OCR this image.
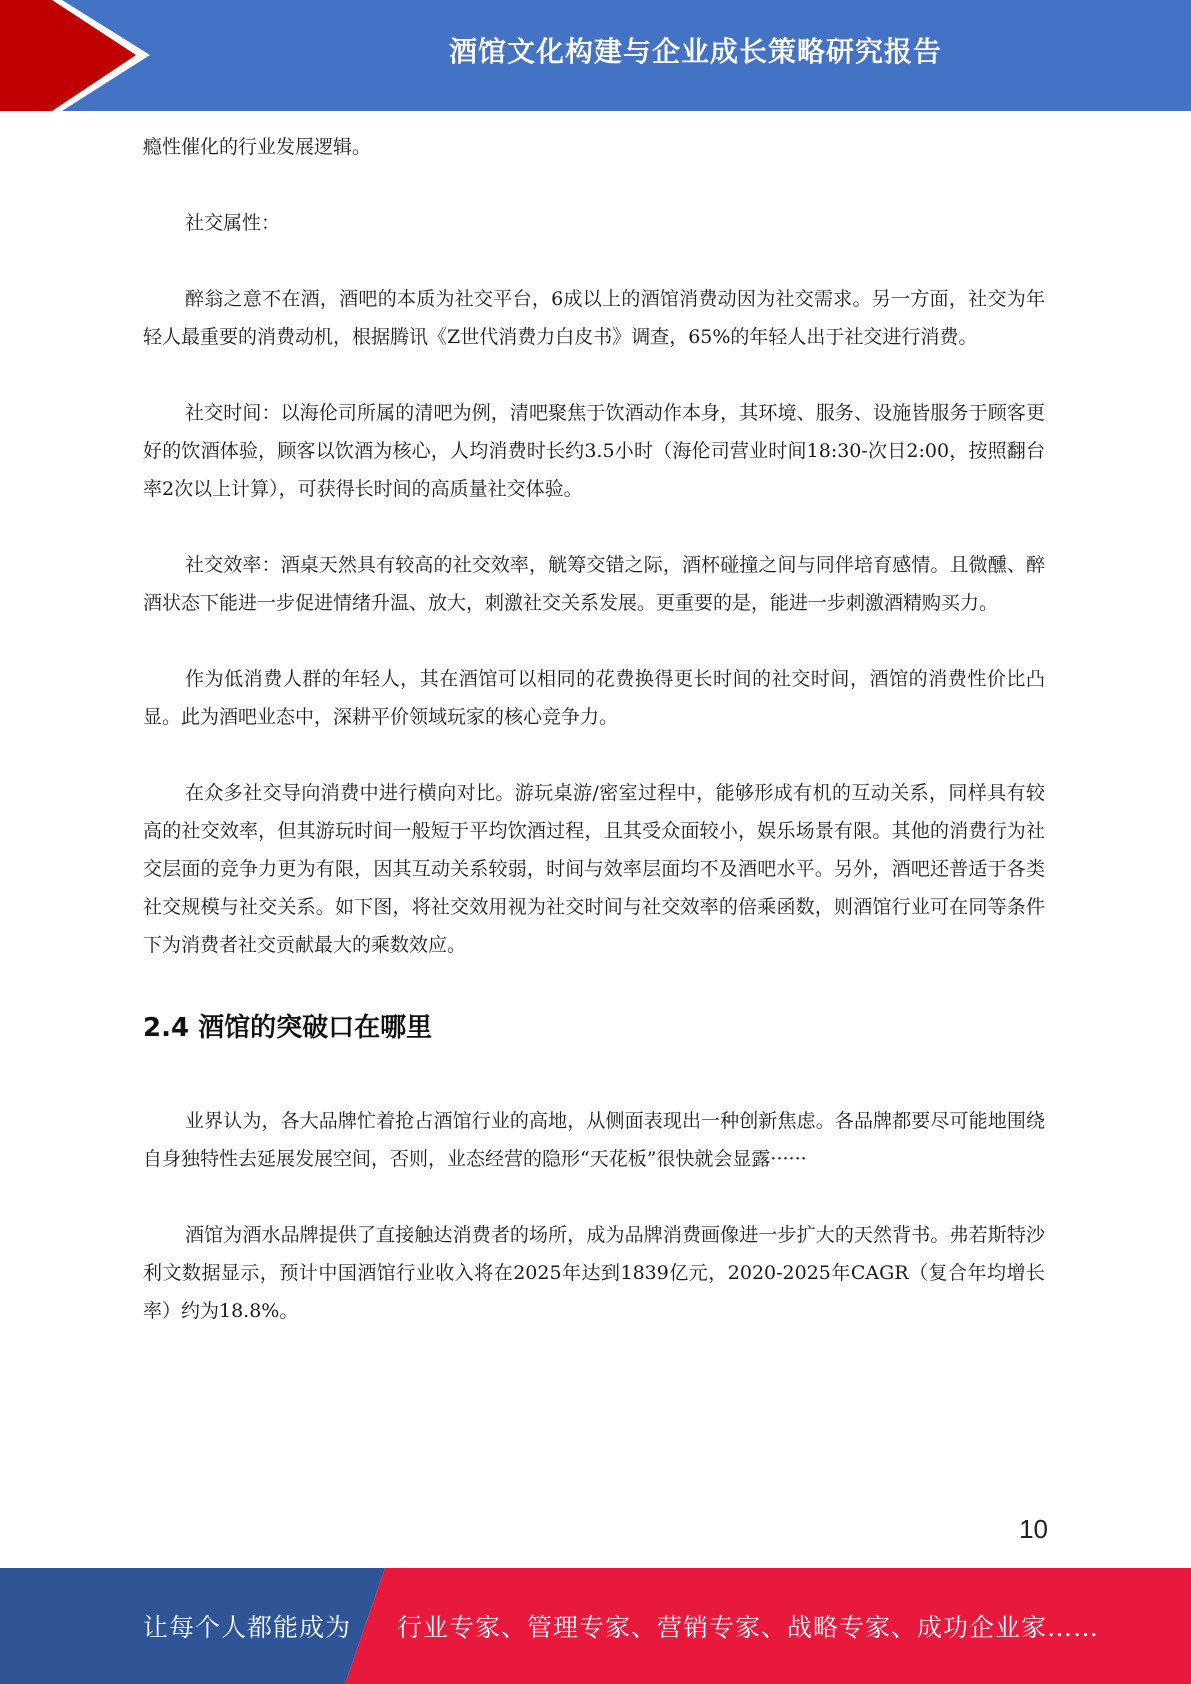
酒馆文化构建与企业成长策略研究报告

瘾性催化的行业发展逻辑。

社交属性：

醉翁之意不在酒，酒吧的本质为社交平台，6成以上的酒馆消费动因为社交需求。另一方面，社交为年轻人最重要的消费动机，根据腾讯《Z世代消费力白皮书》调查，65%的年轻人出于社交进行消费。

社交时间：以海伦司所属的清吧为例，清吧聚焦于饮酒动作本身，其环境、服务、设施皆服务于顾客更好的饮酒体验，顾客以饮酒为核心，人均消费时长约3.5小时（海伦司营业时间18:30-次日2:00，按照翻台率2次以上计算），可获得长时间的高质量社交体验。

社交效率：酒桌天然具有较高的社交效率，觥筹交错之际，酒杯碰撞之间与同伴培育感情。且微醺、醉酒状态下能进一步促进情绪升温、放大，刺激社交关系发展。更重要的是，能进一步刺激酒精购买力。

作为低消费人群的年轻人，其在酒馆可以相同的花费换得更长时间的社交时间，酒馆的消费性价比凸显。此为酒吧业态中，深耕平价领域玩家的核心竞争力。

在众多社交导向消费中进行横向对比。游玩桌游/密室过程中，能够形成有机的互动关系，同样具有较高的社交效率，但其游玩时间一般短于平均饮酒过程，且其受众面较小，娱乐场景有限。其他的消费行为社交层面的竞争力更为有限，因其互动关系较弱，时间与效率层面均不及酒吧水平。另外，酒吧还普适于各类社交规模与社交关系。如下图，将社交效用视为社交时间与社交效率的倍乘函数，则酒馆行业可在同等条件下为消费者社交贡献最大的乘数效应。

2.4 酒馆的突破口在哪里

业界认为，各大品牌忙着抢占酒馆行业的高地，从侧面表现出一种创新焦虑。各品牌都要尽可能地围绕自身独特性去延展发展空间，否则，业态经营的隐形“天花板”很快就会显露······

酒馆为酒水品牌提供了直接触达消费者的场所，成为品牌消费画像进一步扩大的天然背书。弗若斯特沙利文数据显示，预计中国酒馆行业收入将在2025年达到1839亿元，2020-2025年CAGR（复合年均增长率）约为18.8%。

10
让每个人都能成为 行业专家、管理专家、营销专家、战略专家、成功企业家……
